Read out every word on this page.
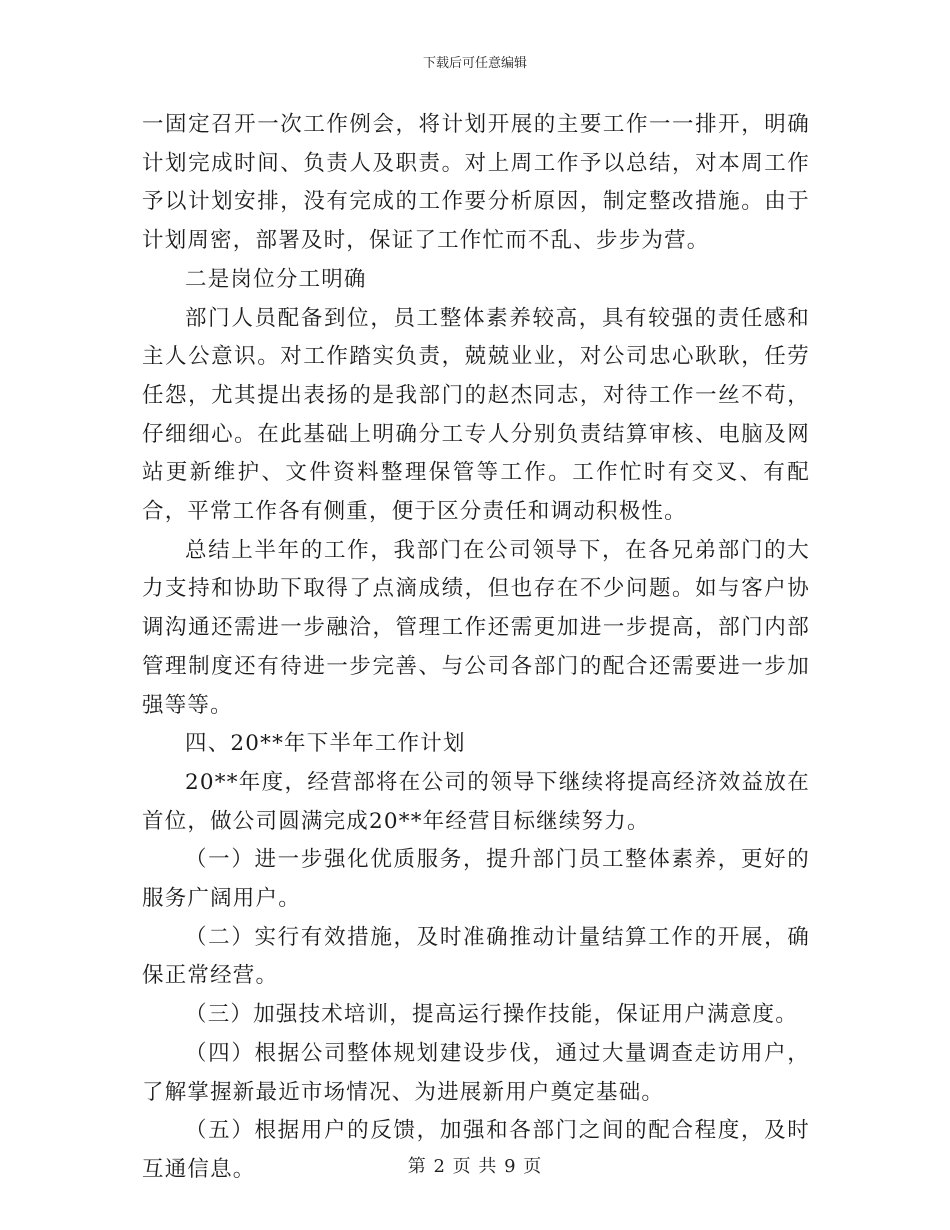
下载后可任意编辑

一固定召开一次工作例会，将计划开展的主要工作一一排开，明确计划完成时间、负责人及职责。对上周工作予以总结，对本周工作予以计划安排，没有完成的工作要分析原因，制定整改措施。由于计划周密，部署及时，保证了工作忙而不乱、步步为营。

二是岗位分工明确

部门人员配备到位，员工整体素养较高，具有较强的责任感和主人公意识。对工作踏实负责，兢兢业业，对公司忠心耿耿，任劳任怨，尤其提出表扬的是我部门的赵杰同志，对待工作一丝不苟，仔细细心。在此基础上明确分工专人分别负责结算审核、电脑及网站更新维护、文件资料整理保管等工作。工作忙时有交叉、有配合，平常工作各有侧重，便于区分责任和调动积极性。

总结上半年的工作，我部门在公司领导下，在各兄弟部门的大力支持和协助下取得了点滴成绩，但也存在不少问题。如与客户协调沟通还需进一步融洽，管理工作还需更加进一步提高，部门内部管理制度还有待进一步完善、与公司各部门的配合还需要进一步加强等等。

四、20**年下半年工作计划

20**年度，经营部将在公司的领导下继续将提高经济效益放在首位，做公司圆满完成20**年经营目标继续努力。

（一）进一步强化优质服务，提升部门员工整体素养，更好的服务广阔用户。

（二）实行有效措施，及时准确推动计量结算工作的开展，确保正常经营。

（三）加强技术培训，提高运行操作技能，保证用户满意度。

（四）根据公司整体规划建设步伐，通过大量调查走访用户，了解掌握新最近市场情况、为进展新用户奠定基础。

（五）根据用户的反馈，加强和各部门之间的配合程度，及时互通信息。	第 2 页 共 9 页
